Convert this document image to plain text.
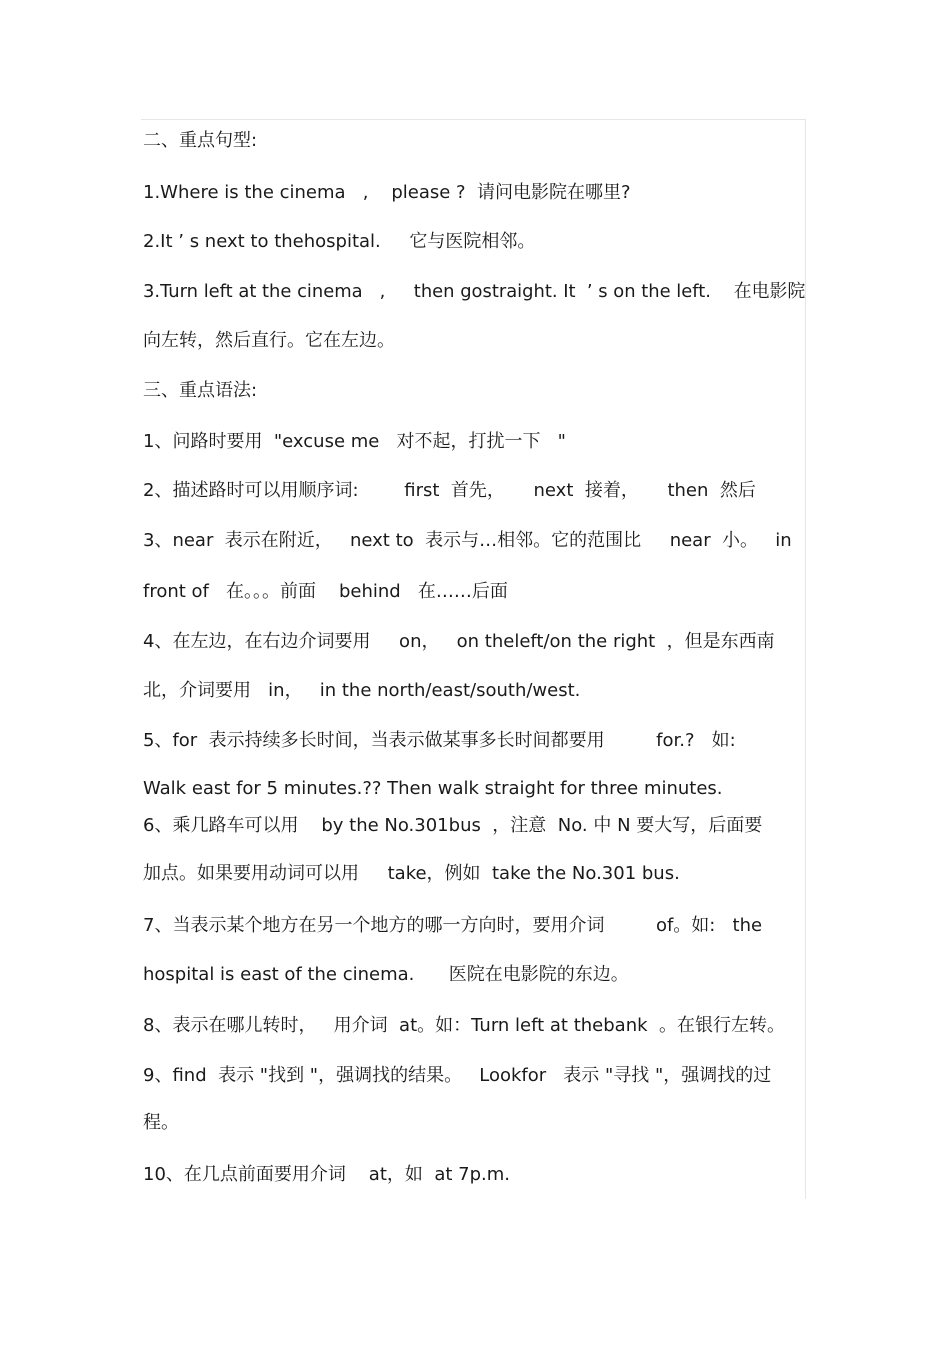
二、重点句型:
1.Where is the cinema   ,    please ?  请问电影院在哪里?
2.It ’ s next to thehospital.     它与医院相邻。
3.Turn left at the cinema   ,     then gostraight. It  ’ s on the left.    在电影院
向左转，然后直行。它在左边。
三、重点语法:
1、问路时要用  "excuse me   对不起，打扰一下   "
2、描述路时可以用顺序词:        first  首先，     next  接着，     then  然后
3、near  表示在附近，   next to  表示与…相邻。它的范围比     near  小。   in
front of   在。。。前面    behind   在……后面
4、在左边，在右边介词要用     on，   on theleft/on the right  ，但是东西南
北，介词要用   in，   in the north/east/south/west.
5、for  表示持续多长时间，当表示做某事多长时间都要用         for.?   如:
Walk east for 5 minutes.?? Then walk straight for three minutes.
6、乘几路车可以用    by the No.301bus  ，注意  No. 中 N 要大写，后面要
加点。如果要用动词可以用     take，例如  take the No.301 bus.
7、当表示某个地方在另一个地方的哪一方向时，要用介词         of。如:   the
hospital is east of the cinema.      医院在电影院的东边。
8、表示在哪儿转时，   用介词  at。如：Turn left at thebank  。在银行左转。
9、find  表示 "找到 "，强调找的结果。   Lookfor   表示 "寻找 "，强调找的过
程。
10、在几点前面要用介词    at，如  at 7p.m.
